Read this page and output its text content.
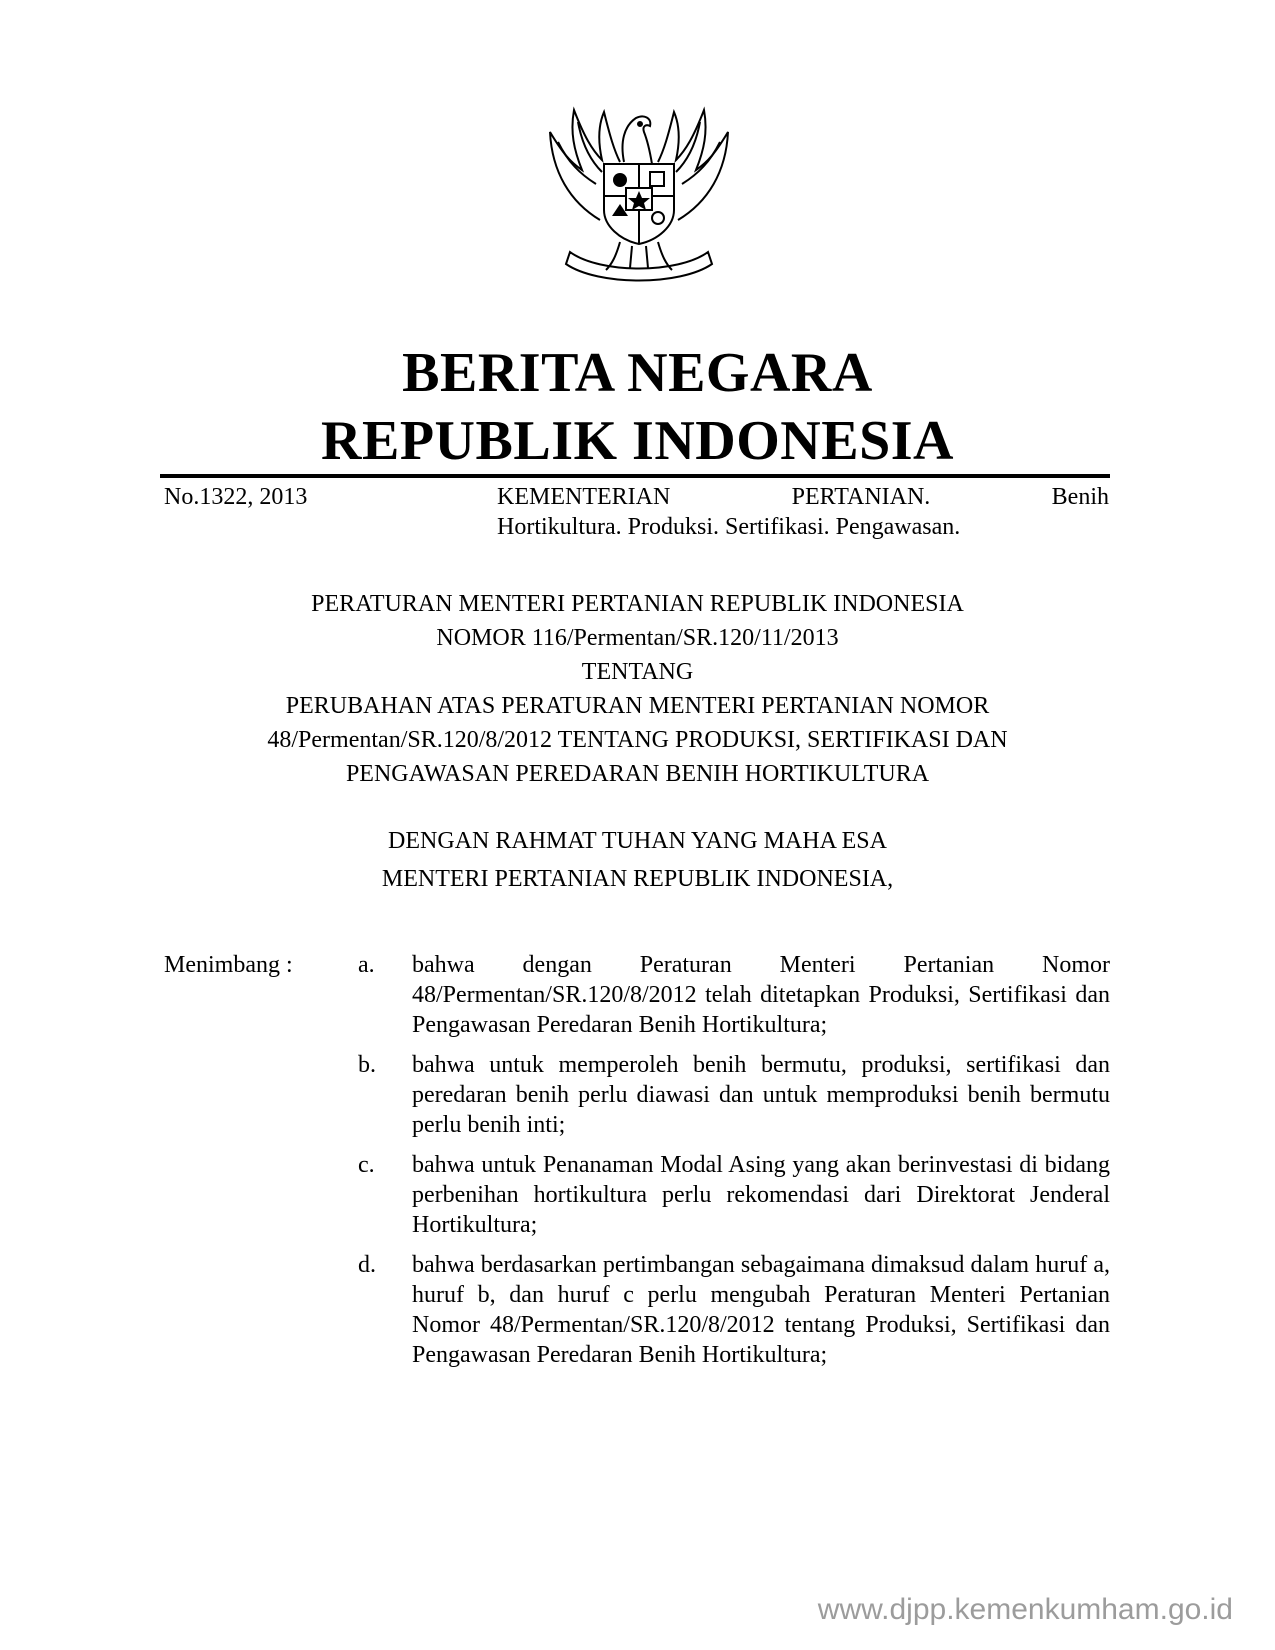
BERITA NEGARA
REPUBLIK INDONESIA
No.1322, 2013	KEMENTERIAN	PERTANIAN.	Benih
Hortikultura. Produksi. Sertifikasi. Pengawasan.
PERATURAN MENTERI PERTANIAN REPUBLIK INDONESIA
NOMOR 116/Permentan/SR.120/11/2013
TENTANG
PERUBAHAN ATAS PERATURAN MENTERI PERTANIAN NOMOR
48/Permentan/SR.120/8/2012 TENTANG PRODUKSI, SERTIFIKASI DAN
PENGAWASAN PEREDARAN BENIH HORTIKULTURA
DENGAN RAHMAT TUHAN YANG MAHA ESA
MENTERI PERTANIAN REPUBLIK INDONESIA,
Menimbang :	a.	bahwa dengan Peraturan Menteri Pertanian Nomor 48/Permentan/SR.120/8/2012 telah ditetapkan Produksi, Sertifikasi dan Pengawasan Peredaran Benih Hortikultura;
b.	bahwa untuk memperoleh benih bermutu, produksi, sertifikasi dan peredaran benih perlu diawasi dan untuk memproduksi benih bermutu perlu benih inti;
c.	bahwa untuk Penanaman Modal Asing yang akan berinvestasi di bidang perbenihan hortikultura perlu rekomendasi dari Direktorat Jenderal Hortikultura;
d.	bahwa berdasarkan pertimbangan sebagaimana dimaksud dalam huruf a, huruf b, dan huruf c perlu mengubah Peraturan Menteri Pertanian Nomor 48/Permentan/SR.120/8/2012 tentang Produksi, Sertifikasi dan Pengawasan Peredaran Benih Hortikultura;
www.djpp.kemenkumham.go.id
